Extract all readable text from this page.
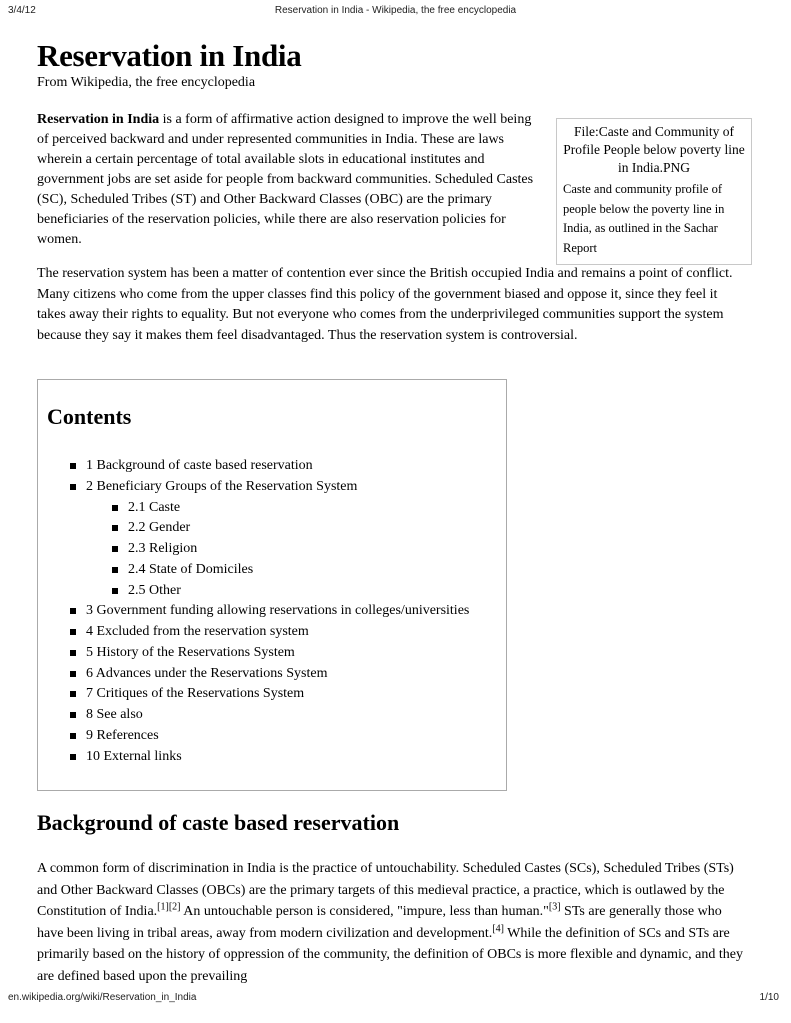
3/4/12	Reservation in India - Wikipedia, the free encyclopedia
Reservation in India
From Wikipedia, the free encyclopedia

Reservation in India is a form of affirmative action designed to improve the well being of perceived backward and under represented communities in India. These are laws wherein a certain percentage of total available slots in educational institutes and government jobs are set aside for people from backward communities. Scheduled Castes (SC), Scheduled Tribes (ST) and Other Backward Classes (OBC) are the primary beneficiaries of the reservation policies, while there are also reservation policies for women.

File:Caste and Community of Profile People below poverty line in India.PNG
Caste and community profile of people below the poverty line in India, as outlined in the Sachar Report

The reservation system has been a matter of contention ever since the British occupied India and remains a point of conflict. Many citizens who come from the upper classes find this policy of the government biased and oppose it, since they feel it takes away their rights to equality. But not everyone who comes from the underprivileged communities support the system because they say it makes them feel disadvantaged. Thus the reservation system is controversial.

Contents
1 Background of caste based reservation
2 Beneficiary Groups of the Reservation System
2.1 Caste
2.2 Gender
2.3 Religion
2.4 State of Domiciles
2.5 Other
3 Government funding allowing reservations in colleges/universities
4 Excluded from the reservation system
5 History of the Reservations System
6 Advances under the Reservations System
7 Critiques of the Reservations System
8 See also
9 References
10 External links
Background of caste based reservation

A common form of discrimination in India is the practice of untouchability. Scheduled Castes (SCs), Scheduled Tribes (STs) and Other Backward Classes (OBCs) are the primary targets of this medieval practice, a practice, which is outlawed by the Constitution of India.[1][2] An untouchable person is considered, "impure, less than human."[3] STs are generally those who have been living in tribal areas, away from modern civilization and development.[4] While the definition of SCs and STs are primarily based on the history of oppression of the community, the definition of OBCs is more flexible and dynamic, and they are defined based upon the prevailing

en.wikipedia.org/wiki/Reservation_in_India	1/10
